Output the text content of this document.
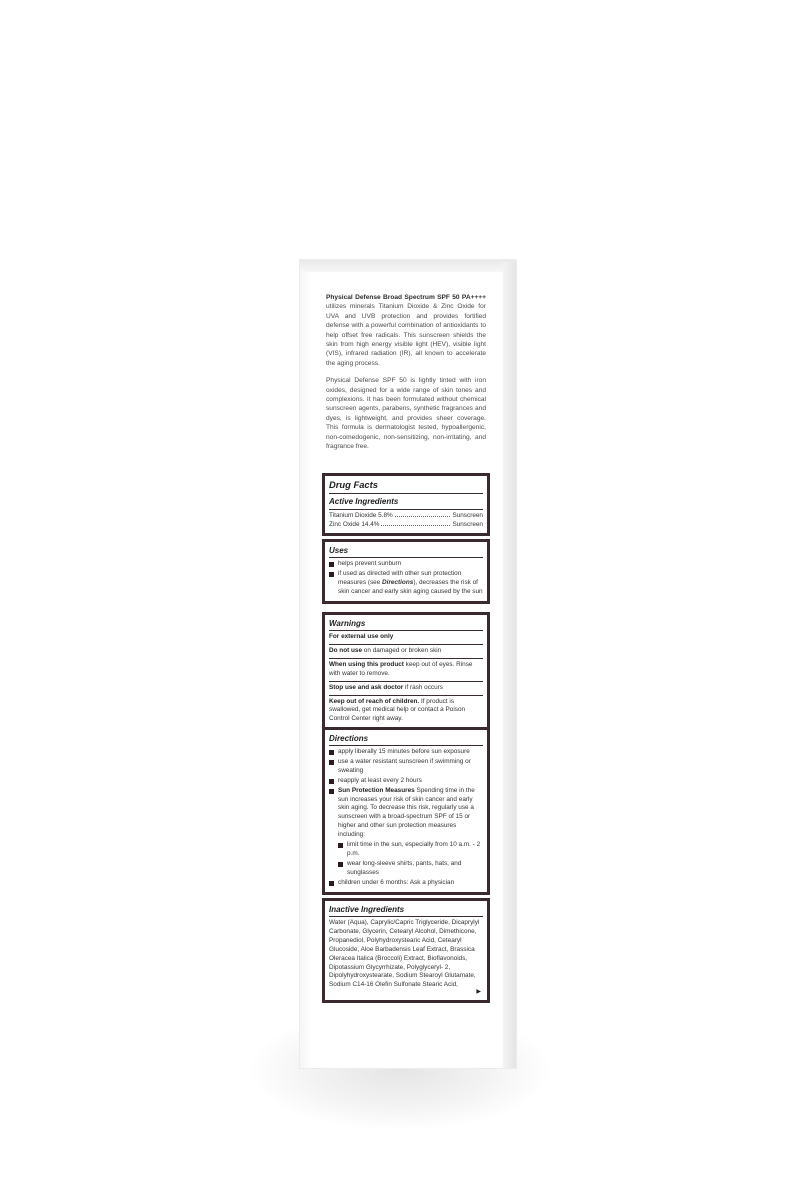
Physical Defense Broad Spectrum SPF 50 PA++++ utilizes minerals Titanium Dioxide & Zinc Oxide for UVA and UVB protection and provides fortified defense with a powerful combination of antioxidants to help offset free radicals. This sunscreen shields the skin from high energy visible light (HEV), visible light (VIS), infrared radiation (IR), all known to accelerate the aging process.

Physical Defense SPF 50 is lightly tinted with iron oxides, designed for a wide range of skin tones and complexions. It has been formulated without chemical sunscreen agents, parabens, synthetic fragrances and dyes, is lightweight, and provides sheer coverage. This formula is dermatologist tested, hypoallergenic, non-comedogenic, non-sensitizing, non-irritating, and fragrance free.

Drug Facts
Active Ingredients
Titanium Dioxide 5.8%	Sunscreen
Zinc Oxide 14.4%	Sunscreen
Uses
helps prevent sunburn
if used as directed with other sun protection measures (see Directions), decreases the risk of skin cancer and early skin aging caused by the sun
Warnings
For external use only
Do not use on damaged or broken skin
When using this product keep out of eyes. Rinse with water to remove.
Stop use and ask doctor if rash occurs
Keep out of reach of children. If product is swallowed, get medical help or contact a Poison Control Center right away.
Directions
apply liberally 15 minutes before sun exposure
use a water resistant sunscreen if swimming or sweating
reapply at least every 2 hours
Sun Protection Measures Spending time in the sun increases your risk of skin cancer and early skin aging. To decrease this risk, regularly use a sunscreen with a broad-spectrum SPF of 15 or higher and other sun protection measures including:
limit time in the sun, especially from 10 a.m. - 2 p.m.
wear long-sleeve shirts, pants, hats, and sunglasses
children under 6 months: Ask a physician
Inactive Ingredients
Water (Aqua), Caprylic/Capric Triglyceride, Dicaprylyl Carbonate, Glycerin, Cetearyl Alcohol, Dimethicone, Propanediol, Polyhydroxystearic Acid, Cetearyl Glucoside, Aloe Barbadensis Leaf Extract, Brassica Oleracea Italica (Broccoli) Extract, Bioflavonoids, Dipotassium Glycyrrhizate, Polyglyceryl- 2, Dipolyhydroxystearate, Sodium Stearoyl Glutamate, Sodium C14-16 Olefin Sulfonate Stearic Acid,
▶
